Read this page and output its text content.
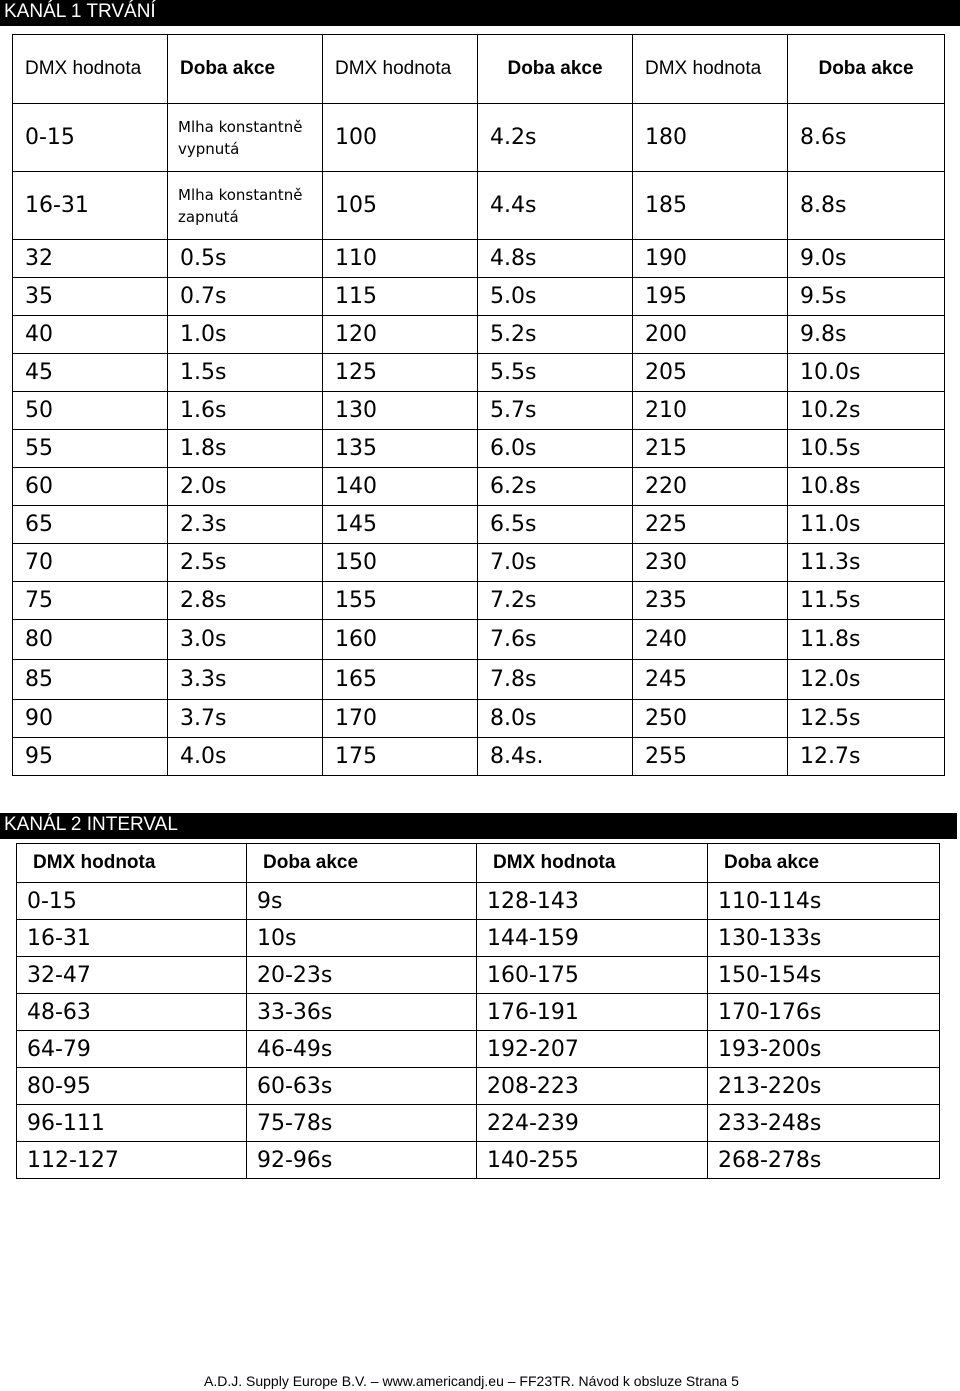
KANÁL 1 TRVÁNÍ
DMX hodnota	Doba akce	DMX hodnota	Doba akce	DMX hodnota	Doba akce
0-15	Mlha konstantně vypnutá	100	4.2s	180	8.6s
16-31	Mlha konstantně zapnutá	105	4.4s	185	8.8s
32	0.5s	110	4.8s	190	9.0s
35	0.7s	115	5.0s	195	9.5s
40	1.0s	120	5.2s	200	9.8s
45	1.5s	125	5.5s	205	10.0s
50	1.6s	130	5.7s	210	10.2s
55	1.8s	135	6.0s	215	10.5s
60	2.0s	140	6.2s	220	10.8s
65	2.3s	145	6.5s	225	11.0s
70	2.5s	150	7.0s	230	11.3s
75	2.8s	155	7.2s	235	11.5s
80	3.0s	160	7.6s	240	11.8s
85	3.3s	165	7.8s	245	12.0s
90	3.7s	170	8.0s	250	12.5s
95	4.0s	175	8.4s.	255	12.7s
KANÁL 2 INTERVAL
DMX hodnota	Doba akce	DMX hodnota	Doba akce
0-15	9s	128-143	110-114s
16-31	10s	144-159	130-133s
32-47	20-23s	160-175	150-154s
48-63	33-36s	176-191	170-176s
64-79	46-49s	192-207	193-200s
80-95	60-63s	208-223	213-220s
96-111	75-78s	224-239	233-248s
112-127	92-96s	140-255	268-278s
A.D.J. Supply Europe B.V. – www.americandj.eu – FF23TR. Návod k obsluze Strana 5
